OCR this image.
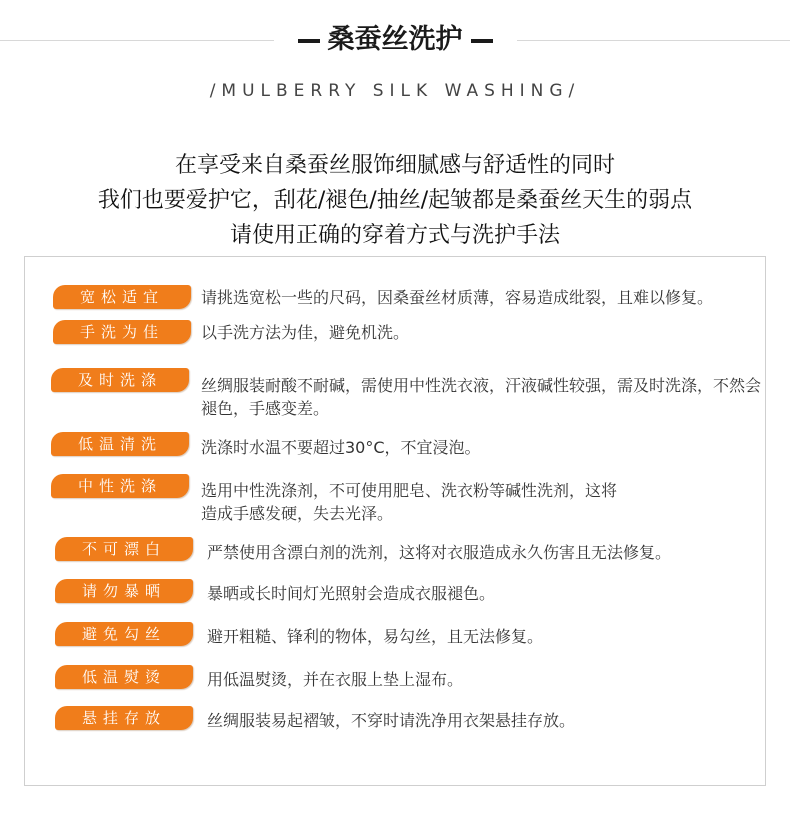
桑蚕丝洗护
/MULBERRY SILK WASHING/
在享受来自桑蚕丝服饰细腻感与舒适性的同时
我们也要爱护它，刮花/褪色/抽丝/起皱都是桑蚕丝天生的弱点
请使用正确的穿着方式与洗护手法
宽松适宜	请挑选宽松一些的尺码，因桑蚕丝材质薄，容易造成纰裂，且难以修复。
手洗为佳	以手洗方法为佳，避免机洗。
及时洗涤	丝绸服装耐酸不耐碱，需使用中性洗衣液，汗液碱性较强，需及时洗涤，不然会褪色，手感变差。
低温清洗	洗涤时水温不要超过30°C，不宜浸泡。
中性洗涤	选用中性洗涤剂，不可使用肥皂、洗衣粉等碱性洗剂，这将造成手感发硬，失去光泽。
不可漂白	严禁使用含漂白剂的洗剂，这将对衣服造成永久伤害且无法修复。
请勿暴晒	暴晒或长时间灯光照射会造成衣服褪色。
避免勾丝	避开粗糙、锋利的物体，易勾丝，且无法修复。
低温熨烫	用低温熨烫，并在衣服上垫上湿布。
悬挂存放	丝绸服装易起褶皱，不穿时请洗净用衣架悬挂存放。
